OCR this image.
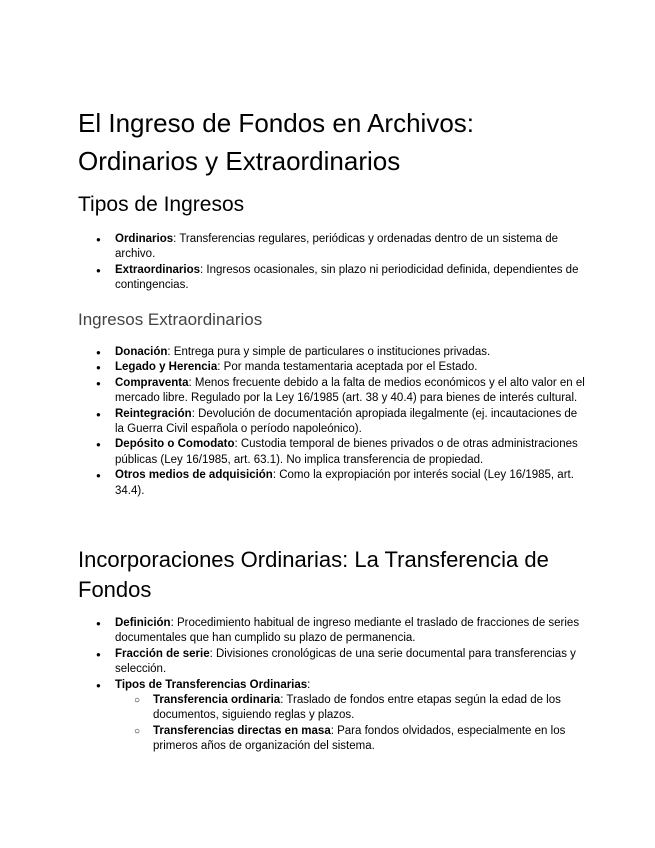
El Ingreso de Fondos en Archivos: Ordinarios y Extraordinarios
Tipos de Ingresos
● Ordinarios: Transferencias regulares, periódicas y ordenadas dentro de un sistema de archivo.
● Extraordinarios: Ingresos ocasionales, sin plazo ni periodicidad definida, dependientes de contingencias.
Ingresos Extraordinarios
● Donación: Entrega pura y simple de particulares o instituciones privadas.
● Legado y Herencia: Por manda testamentaria aceptada por el Estado.
● Compraventa: Menos frecuente debido a la falta de medios económicos y el alto valor en el mercado libre. Regulado por la Ley 16/1985 (art. 38 y 40.4) para bienes de interés cultural.
● Reintegración: Devolución de documentación apropiada ilegalmente (ej. incautaciones de la Guerra Civil española o período napoleónico).
● Depósito o Comodato: Custodia temporal de bienes privados o de otras administraciones públicas (Ley 16/1985, art. 63.1). No implica transferencia de propiedad.
● Otros medios de adquisición: Como la expropiación por interés social (Ley 16/1985, art. 34.4).
Incorporaciones Ordinarias: La Transferencia de Fondos
● Definición: Procedimiento habitual de ingreso mediante el traslado de fracciones de series documentales que han cumplido su plazo de permanencia.
● Fracción de serie: Divisiones cronológicas de una serie documental para transferencias y selección.
● Tipos de Transferencias Ordinarias:
○ Transferencia ordinaria: Traslado de fondos entre etapas según la edad de los documentos, siguiendo reglas y plazos.
○ Transferencias directas en masa: Para fondos olvidados, especialmente en los primeros años de organización del sistema.
